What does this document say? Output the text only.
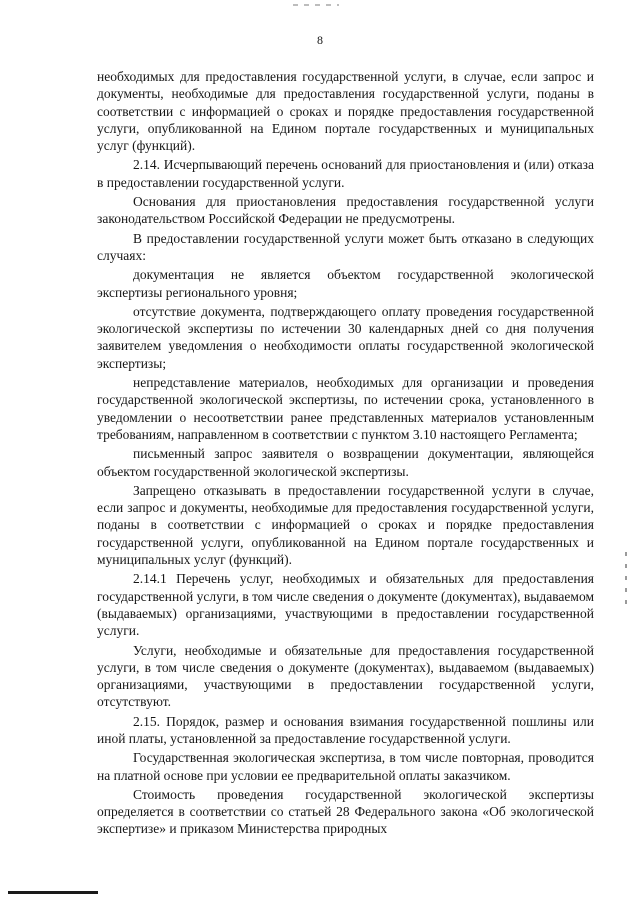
8

необходимых для предоставления государственной услуги, в случае, если запрос и документы, необходимые для предоставления государственной услуги, поданы в соответствии с информацией о сроках и порядке предоставления государственной услуги, опубликованной на Едином портале государственных и муниципальных услуг (функций).

2.14. Исчерпывающий перечень оснований для приостановления и (или) отказа в предоставлении государственной услуги.

Основания для приостановления предоставления государственной услуги законодательством Российской Федерации не предусмотрены.

В предоставлении государственной услуги может быть отказано в следующих случаях:

документация не является объектом государственной экологической экспертизы регионального уровня;

отсутствие документа, подтверждающего оплату проведения государственной экологической экспертизы по истечении 30 календарных дней со дня получения заявителем уведомления о необходимости оплаты государственной экологической экспертизы;

непредставление материалов, необходимых для организации и проведения государственной экологической экспертизы, по истечении срока, установленного в уведомлении о несоответствии ранее представленных материалов установленным требованиям, направленном в соответствии с пунктом 3.10 настоящего Регламента;

письменный запрос заявителя о возвращении документации, являющейся объектом государственной экологической экспертизы.

Запрещено отказывать в предоставлении государственной услуги в случае, если запрос и документы, необходимые для предоставления государственной услуги, поданы в соответствии с информацией о сроках и порядке предоставления государственной услуги, опубликованной на Едином портале государственных и муниципальных услуг (функций).

2.14.1 Перечень услуг, необходимых и обязательных для предоставления государственной услуги, в том числе сведения о документе (документах), выдаваемом (выдаваемых) организациями, участвующими в предоставлении государственной услуги.

Услуги, необходимые и обязательные для предоставления государственной услуги, в том числе сведения о документе (документах), выдаваемом (выдаваемых) организациями, участвующими в предоставлении государственной услуги, отсутствуют.

2.15. Порядок, размер и основания взимания государственной пошлины или иной платы, установленной за предоставление государственной услуги.

Государственная экологическая экспертиза, в том числе повторная, проводится на платной основе при условии ее предварительной оплаты заказчиком.

Стоимость проведения государственной экологической экспертизы определяется в соответствии со статьей 28 Федерального закона «Об экологической экспертизе» и приказом Министерства природных
